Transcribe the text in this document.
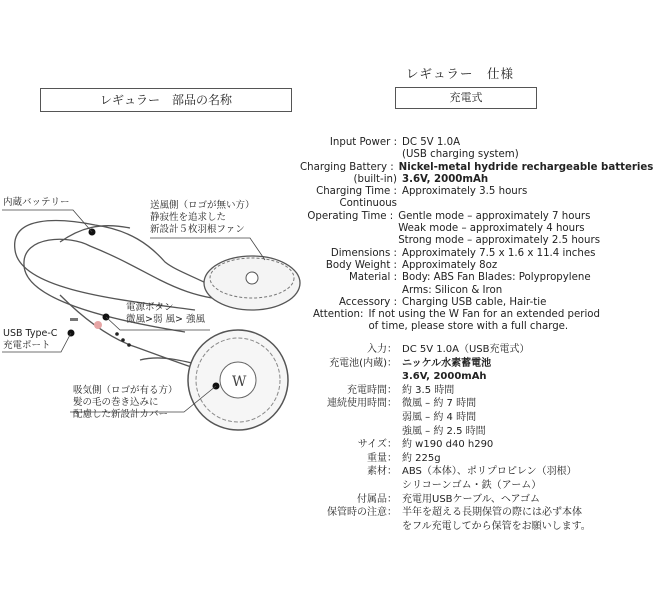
レギュラー　部品の名称
レギュラー　仕様
充電式
W
内蔵バッテリー	送風側（ロゴが無い方）
静寂性を追求した
新設計５枚羽根ファン
電源ボタン
微風>弱 風> 強風
USB Type-C
充電ポート
吸気側（ロゴが有る方）
髪の毛の巻き込みに
配慮した新設計カバー
Input Power : DC 5V 1.0A
(USB charging system)
Charging Battery : Nickel-metal hydride rechargeable batteries
(built-in) 3.6V, 2000mAh
Charging Time : Approximately 3.5 hours
Continuous

Operating Time : Gentle mode – approximately 7 hours
Weak mode – approximately 4 hours
Strong mode – approximately 2.5 hours
Dimensions : Approximately 7.5 x 1.6 x 11.4 inches
Body Weight : Approximately 8oz
Material : Body: ABS Fan Blades: Polypropylene
Arms: Silicon & Iron
Accessory : Charging USB cable, Hair-tie
Attention: If not using the W Fan for an extended period
of time, please store with a full charge.
入力： DC 5V 1.0A（USB充電式）
充電池(内蔵)： ニッケル水素蓄電池
3.6V, 2000mAh
充電時間： 約 3.5 時間
連続使用時間： 微風 – 約 7 時間
弱風 – 約 4 時間
強風 – 約 2.5 時間
サイズ： 約 w190 d40 h290
重量： 約 225g
素材： ABS（本体）、ポリプロピレン（羽根）
シリコーンゴム・鉄（アーム）
付属品： 充電用USBケーブル、ヘアゴム
保管時の注意： 半年を超える長期保管の際には必ず本体
をフル充電してから保管をお願いします。
